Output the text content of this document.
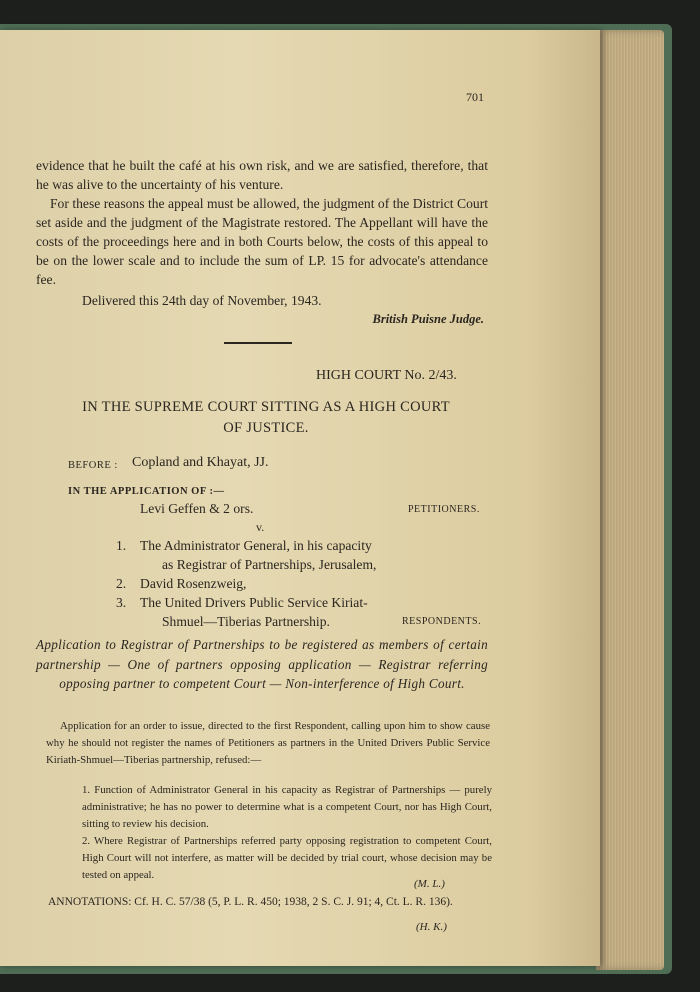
701
evidence that he built the café at his own risk, and we are satisfied, therefore, that he was alive to the uncertainty of his venture.
For these reasons the appeal must be allowed, the judgment of the District Court set aside and the judgment of the Magistrate restored. The Appellant will have the costs of the proceedings here and in both Courts below, the costs of this appeal to be on the lower scale and to include the sum of LP. 15 for advocate's attendance fee.
Delivered this 24th day of November, 1943.
British Puisne Judge.
HIGH COURT No. 2/43.
IN THE SUPREME COURT SITTING AS A HIGH COURT
OF JUSTICE.
BEFORE : Copland and Khayat, JJ.
IN THE APPLICATION OF :—
Levi Geffen & 2 ors.	PETITIONERS.
v.
1. The Administrator General, in his capacity
as Registrar of Partnerships, Jerusalem,
2. David Rosenzweig,
3. The United Drivers Public Service Kiriat-
Shmuel—Tiberias Partnership.	RESPONDENTS.
Application to Registrar of Partnerships to be registered as members of certain partnership — One of partners opposing application — Registrar referring opposing partner to competent Court — Non-interference of High Court.
Application for an order to issue, directed to the first Respondent, calling upon him to show cause why he should not register the names of Petitioners as partners in the United Drivers Public Service Kiriath-Shmuel—Tiberias partnership, refused:—
1. Function of Administrator General in his capacity as Registrar of Partnerships — purely administrative; he has no power to determine what is a competent Court, nor has High Court, sitting to review his decision.
2. Where Registrar of Partnerships referred party opposing registration to competent Court, High Court will not interfere, as matter will be decided by trial court, whose decision may be tested on appeal.
(M. L.)
ANNOTATIONS: Cf. H. C. 57/38 (5, P. L. R. 450; 1938, 2 S. C. J. 91; 4, Ct. L. R. 136).
(H. K.)
